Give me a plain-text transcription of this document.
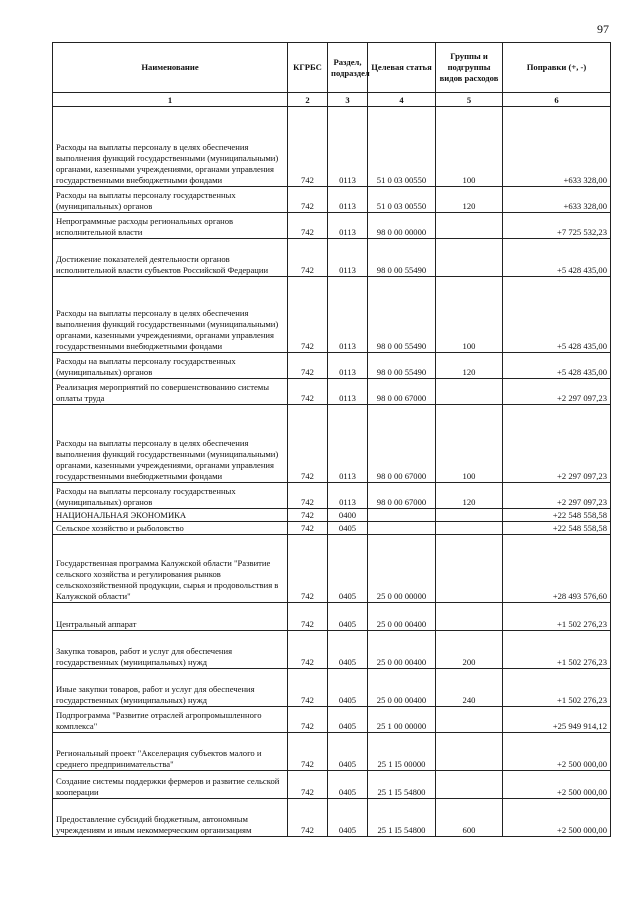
97
Наименование	КГРБС	Раздел, подраздел	Целевая статья	Группы и подгруппы видов расходов	Поправки (+, -)
1	2	3	4	5	6
Расходы на выплаты персоналу в целях обеспечения выполнения функций государственными (муниципальными) органами, казенными учреждениями, органами управления государственными внебюджетными фондами	742	0113	51 0 03 00550	100	+633 328,00
Расходы на выплаты персоналу государственных (муниципальных) органов	742	0113	51 0 03 00550	120	+633 328,00
Непрограммные расходы региональных органов исполнительной власти	742	0113	98 0 00 00000		+7 725 532,23
Достижение показателей деятельности органов исполнительной власти субъектов Российской Федерации	742	0113	98 0 00 55490		+5 428 435,00
Расходы на выплаты персоналу в целях обеспечения выполнения функций государственными (муниципальными) органами, казенными учреждениями, органами управления государственными внебюджетными фондами	742	0113	98 0 00 55490	100	+5 428 435,00
Расходы на выплаты персоналу государственных (муниципальных) органов	742	0113	98 0 00 55490	120	+5 428 435,00
Реализация мероприятий по совершенствованию системы оплаты труда	742	0113	98 0 00 67000		+2 297 097,23
Расходы на выплаты персоналу в целях обеспечения выполнения функций государственными (муниципальными) органами, казенными учреждениями, органами управления государственными внебюджетными фондами	742	0113	98 0 00 67000	100	+2 297 097,23
Расходы на выплаты персоналу государственных (муниципальных) органов	742	0113	98 0 00 67000	120	+2 297 097,23
НАЦИОНАЛЬНАЯ ЭКОНОМИКА	742	0400			+22 548 558,58
Сельское хозяйство и рыболовство	742	0405			+22 548 558,58
Государственная программа Калужской области "Развитие сельского хозяйства и регулирования рынков сельскохозяйственной продукции, сырья и продовольствия в Калужской области"	742	0405	25 0 00 00000		+28 493 576,60
Центральный аппарат	742	0405	25 0 00 00400		+1 502 276,23
Закупка товаров, работ и услуг для обеспечения государственных (муниципальных) нужд	742	0405	25 0 00 00400	200	+1 502 276,23
Иные закупки товаров, работ и услуг для обеспечения государственных (муниципальных) нужд	742	0405	25 0 00 00400	240	+1 502 276,23
Подпрограмма "Развитие отраслей агропромышленного комплекса"	742	0405	25 1 00 00000		+25 949 914,12
Региональный проект "Акселерация субъектов малого и среднего предпринимательства"	742	0405	25 1 I5 00000		+2 500 000,00
Создание системы поддержки фермеров и развитие сельской кооперации	742	0405	25 1 I5 54800		+2 500 000,00
Предоставление субсидий бюджетным, автономным учреждениям и иным некоммерческим организациям	742	0405	25 1 I5 54800	600	+2 500 000,00
